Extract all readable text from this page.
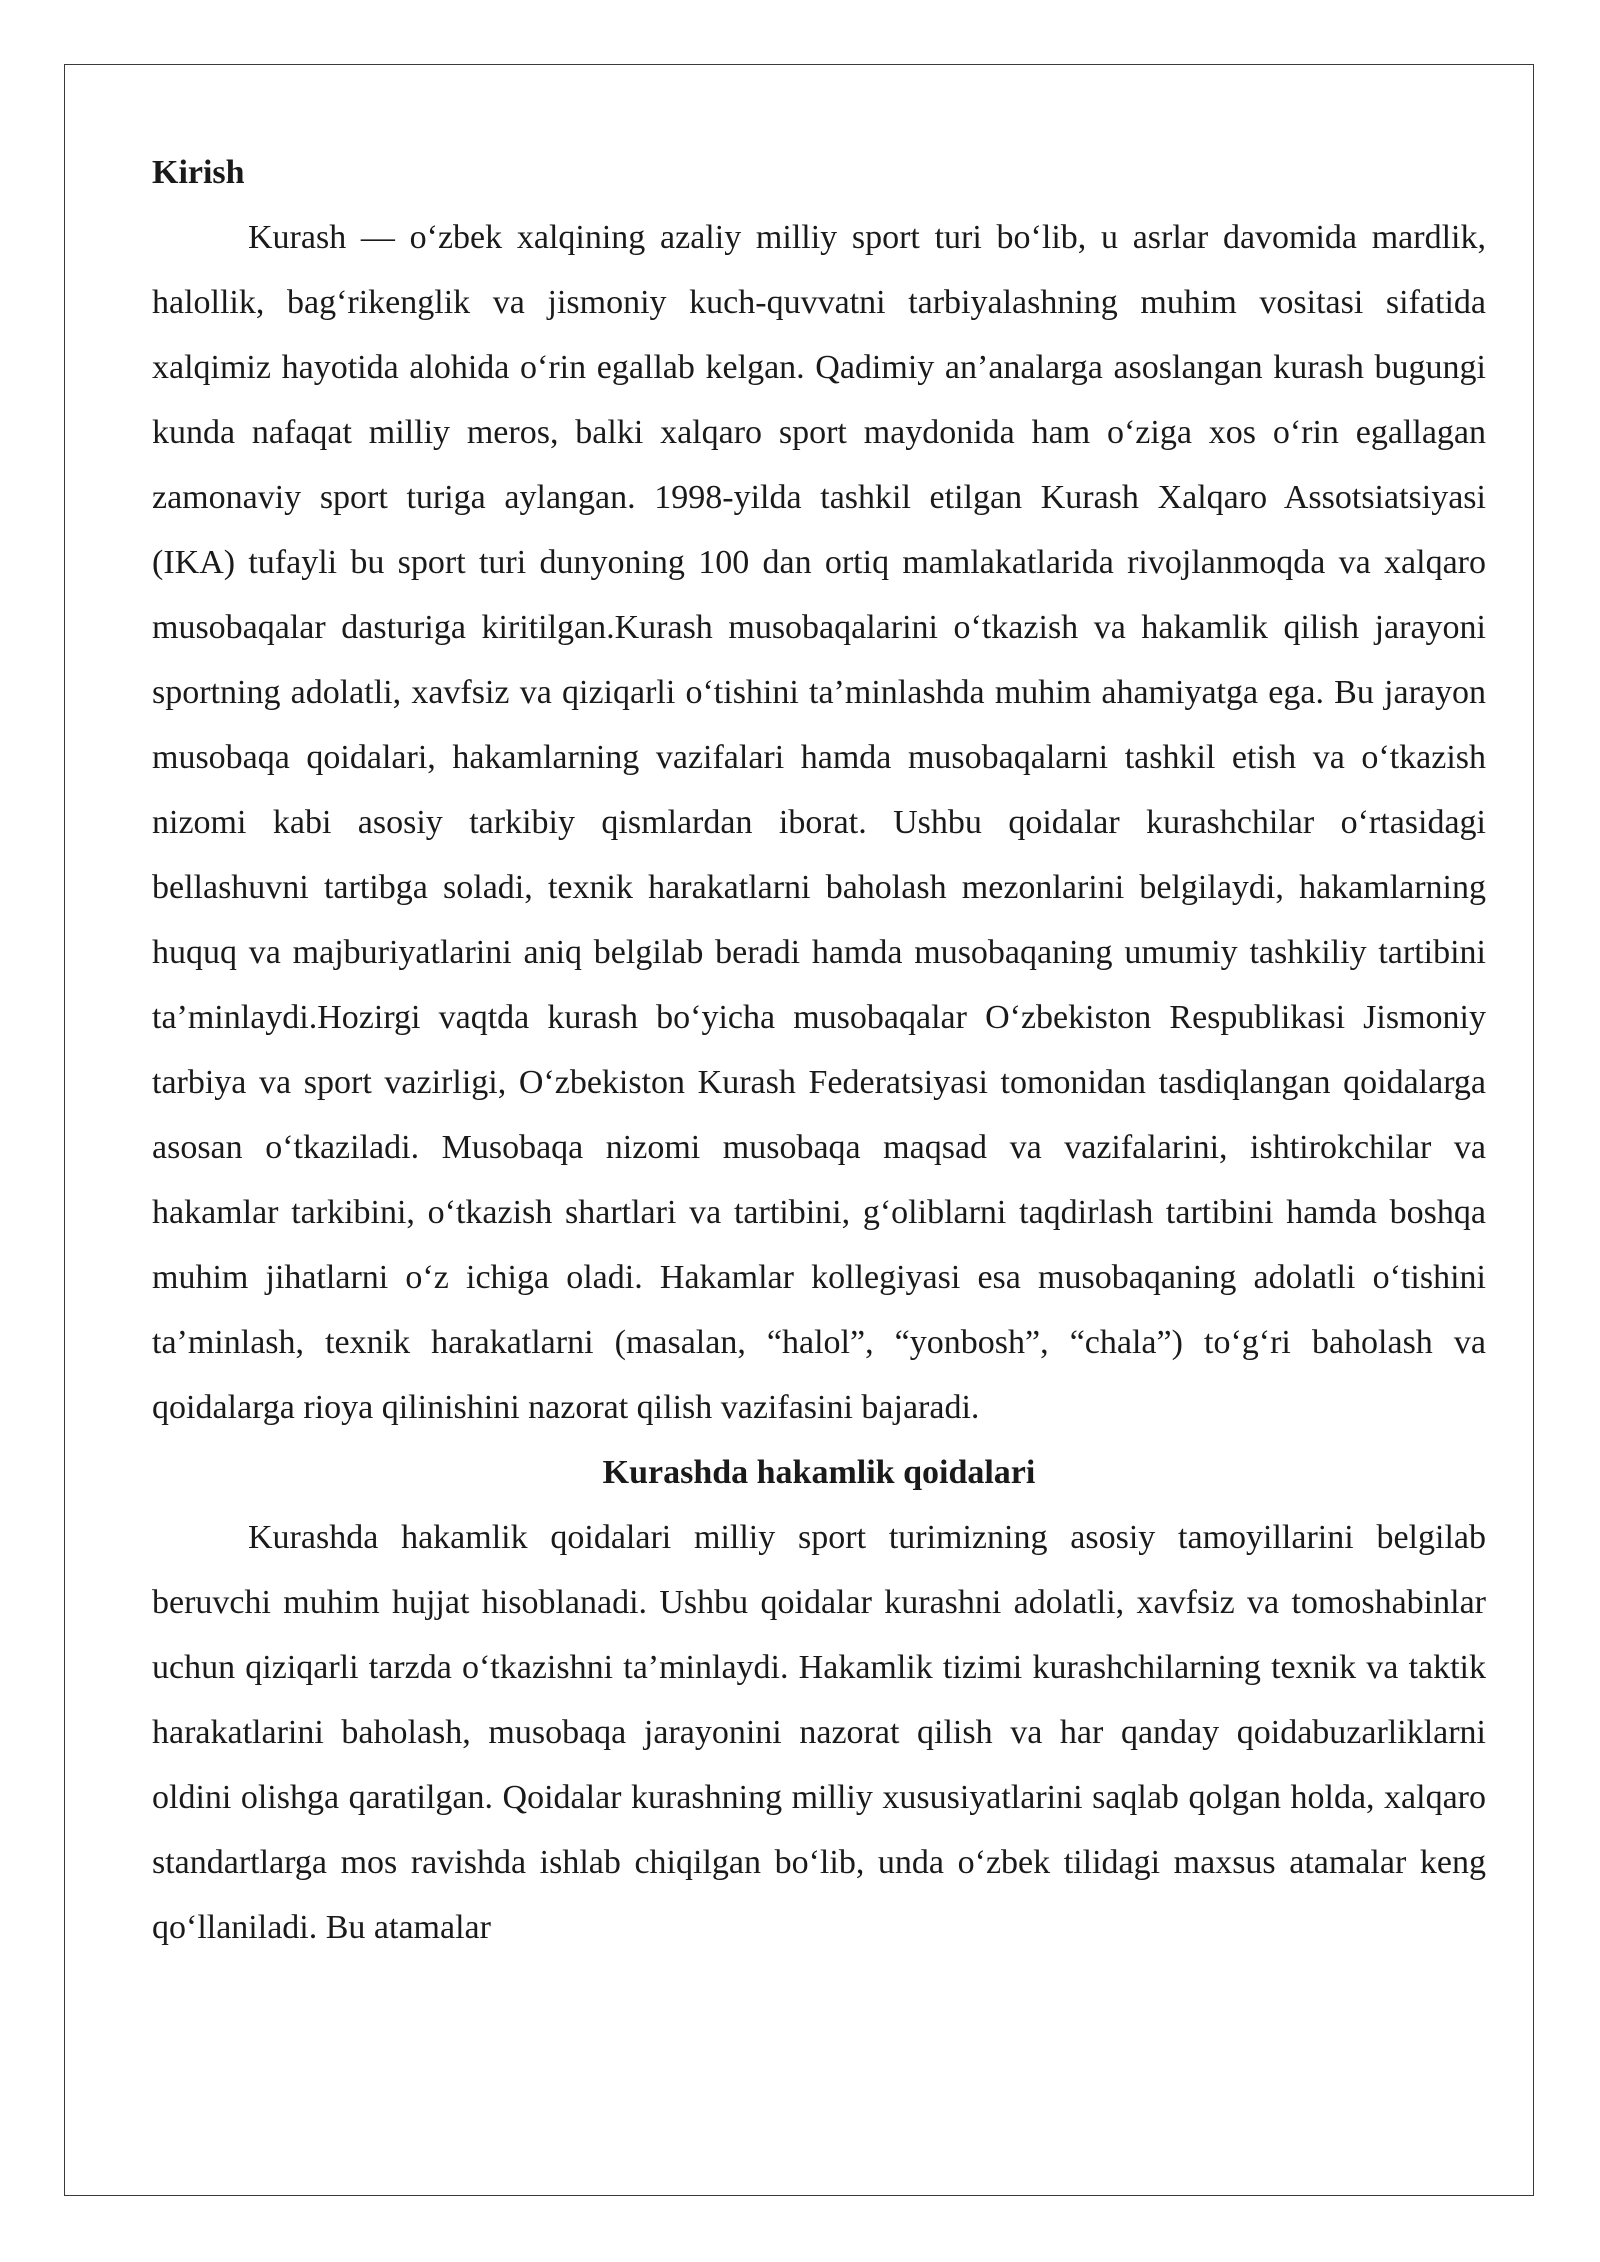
Kirish

Kurash — oʻzbek xalqining azaliy milliy sport turi boʻlib, u asrlar davomida mardlik, halollik, bagʻrikenglik va jismoniy kuch-quvvatni tarbiyalashning muhim vositasi sifatida xalqimiz hayotida alohida oʻrin egallab kelgan. Qadimiy an’analarga asoslangan kurash bugungi kunda nafaqat milliy meros, balki xalqaro sport maydonida ham oʻziga xos oʻrin egallagan zamonaviy sport turiga aylangan. 1998-yilda tashkil etilgan Kurash Xalqaro Assotsiatsiyasi (IKA) tufayli bu sport turi dunyoning 100 dan ortiq mamlakatlarida rivojlanmoqda va xalqaro musobaqalar dasturiga kiritilgan.Kurash musobaqalarini oʻtkazish va hakamlik qilish jarayoni sportning adolatli, xavfsiz va qiziqarli oʻtishini ta’minlashda muhim ahamiyatga ega. Bu jarayon musobaqa qoidalari, hakamlarning vazifalari hamda musobaqalarni tashkil etish va oʻtkazish nizomi kabi asosiy tarkibiy qismlardan iborat. Ushbu qoidalar kurashchilar oʻrtasidagi bellashuvni tartibga soladi, texnik harakatlarni baholash mezonlarini belgilaydi, hakamlarning huquq va majburiyatlarini aniq belgilab beradi hamda musobaqaning umumiy tashkiliy tartibini ta’minlaydi.Hozirgi vaqtda kurash boʻyicha musobaqalar Oʻzbekiston Respublikasi Jismoniy tarbiya va sport vazirligi, Oʻzbekiston Kurash Federatsiyasi tomonidan tasdiqlangan qoidalarga asosan oʻtkaziladi. Musobaqa nizomi musobaqa maqsad va vazifalarini, ishtirokchilar va hakamlar tarkibini, oʻtkazish shartlari va tartibini, gʻoliblarni taqdirlash tartibini hamda boshqa muhim jihatlarni oʻz ichiga oladi. Hakamlar kollegiyasi esa musobaqaning adolatli oʻtishini ta’minlash, texnik harakatlarni (masalan, “halol”, “yonbosh”, “chala”) toʻgʻri baholash va qoidalarga rioya qilinishini nazorat qilish vazifasini bajaradi.

Kurashda hakamlik qoidalari

Kurashda hakamlik qoidalari milliy sport turimizning asosiy tamoyillarini belgilab beruvchi muhim hujjat hisoblanadi. Ushbu qoidalar kurashni adolatli, xavfsiz va tomoshabinlar uchun qiziqarli tarzda oʻtkazishni ta’minlaydi. Hakamlik tizimi kurashchilarning texnik va taktik harakatlarini baholash, musobaqa jarayonini nazorat qilish va har qanday qoidabuzarliklarni oldini olishga qaratilgan. Qoidalar kurashning milliy xususiyatlarini saqlab qolgan holda, xalqaro standartlarga mos ravishda ishlab chiqilgan boʻlib, unda oʻzbek tilidagi maxsus atamalar keng qoʻllaniladi. Bu atamalar
